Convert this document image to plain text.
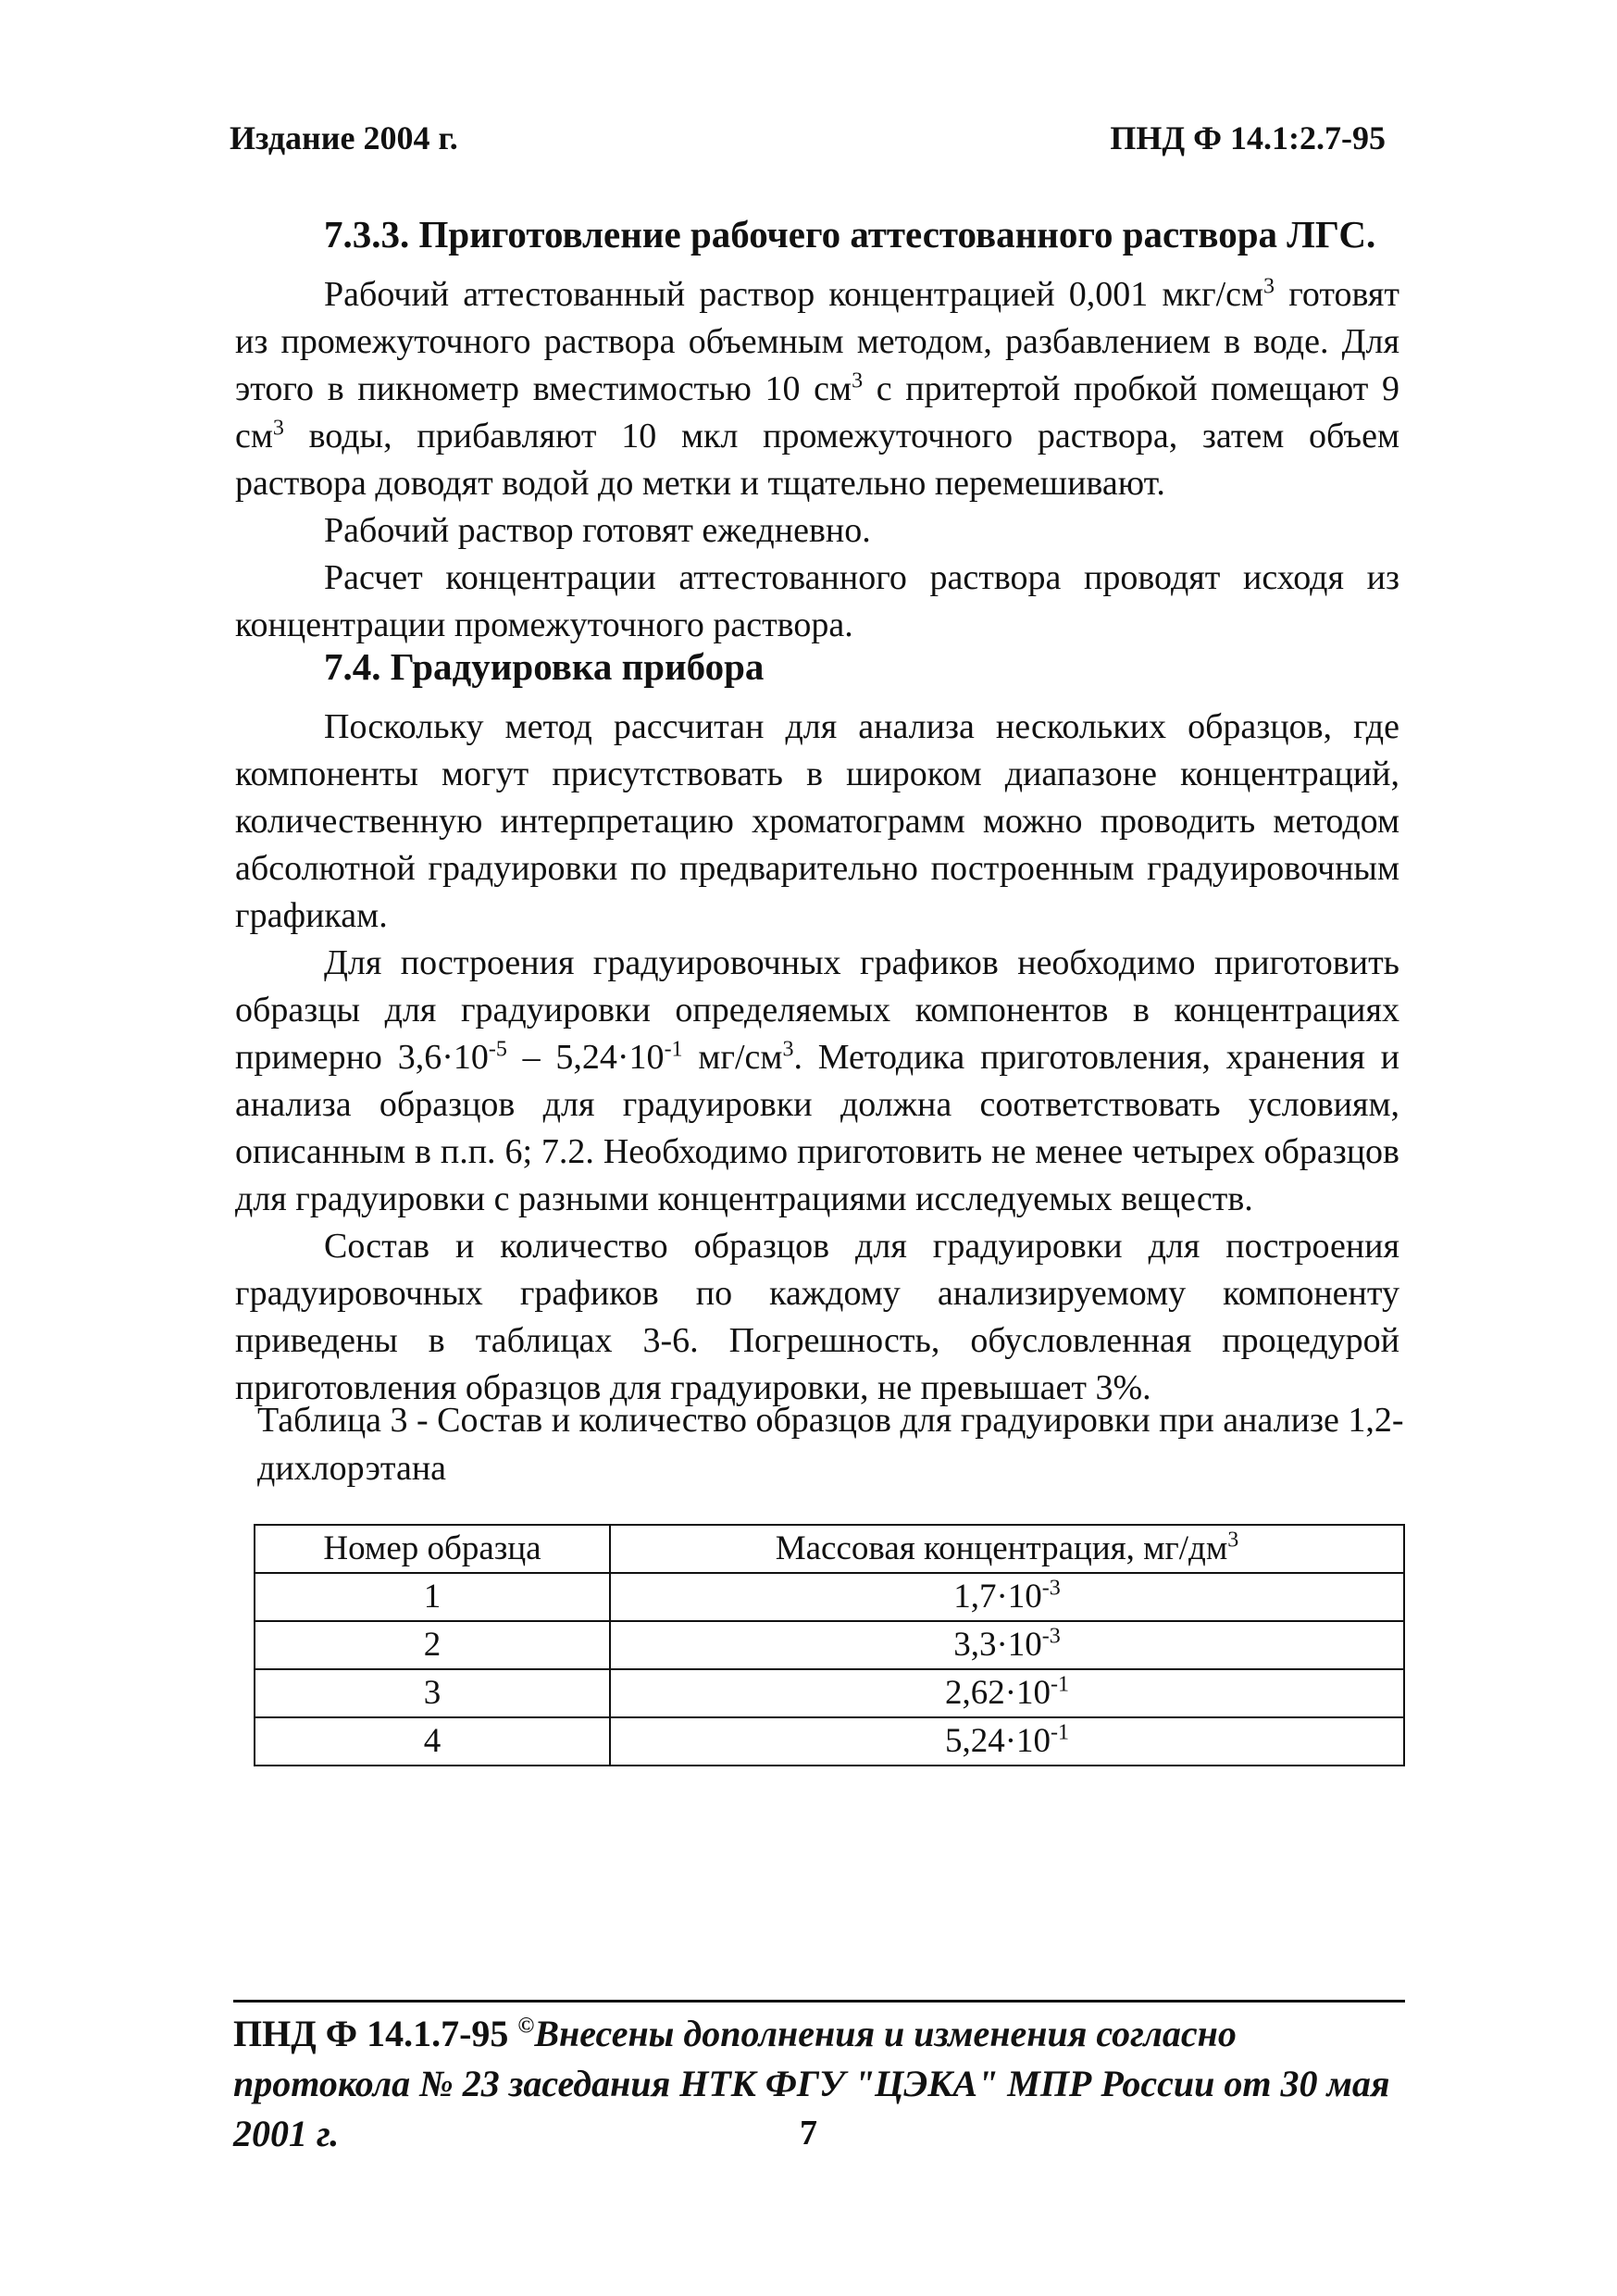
Издание 2004 г.	ПНД Ф 14.1:2.7-95
7.3.3. Приготовление рабочего аттестованного раствора ЛГС.

Рабочий аттестованный раствор концентрацией 0,001 мкг/$см^3$ готовят из промежуточного раствора объемным методом, разбавлением в воде. Для этого в пикнометр вместимостью 10 $см^3$ с притертой пробкой помещают 9 $см^3$ воды, прибавляют 10 мкл промежуточного раствора, затем объем раствора доводят водой до метки и тщательно перемешивают.

Рабочий раствор готовят ежедневно.

Расчет концентрации аттестованного раствора проводят исходя из концентрации промежуточного раствора.

7.4. Градуировка прибора

Поскольку метод рассчитан для анализа нескольких образцов, где компоненты могут присутствовать в широком диапазоне концентраций, количественную интерпретацию хроматограмм можно проводить методом абсолютной градуировки по предварительно построенным градуировочным графикам.

Для построения градуировочных графиков необходимо приготовить образцы для градуировки определяемых компонентов в концентрациях примерно $3,6\cdot 10^{-5} - 5,24\cdot 10^{-1}$ $мг/см^3$. Методика приготовления, хранения и анализа образцов для градуировки должна соответствовать условиям, описанным в п.п. 6; 7.2. Необходимо приготовить не менее четырех образцов для градуировки с разными концентрациями исследуемых веществ.

Состав и количество образцов для градуировки для построения градуировочных графиков по каждому анализируемому компоненту приведены в таблицах 3-6. Погрешность, обусловленная процедурой приготовления образцов для градуировки, не превышает 3%.

Таблица 3 - Состав и количество образцов для градуировки при анализе 1,2-дихлорэтана
Номер образца	Массовая концентрация, $мг/дм^3$
1	$1,7\cdot 10^{-3}$
2	$3,3\cdot 10^{-3}$
3	$2,62\cdot 10^{-1}$
4	$5,24\cdot 10^{-1}$
ПНД Ф 14.1.7-95 ©Внесены дополнения и изменения согласно протокола № 23 заседания НТК ФГУ "ЦЭКА" МПР России от 30 мая 2001 г.	7
